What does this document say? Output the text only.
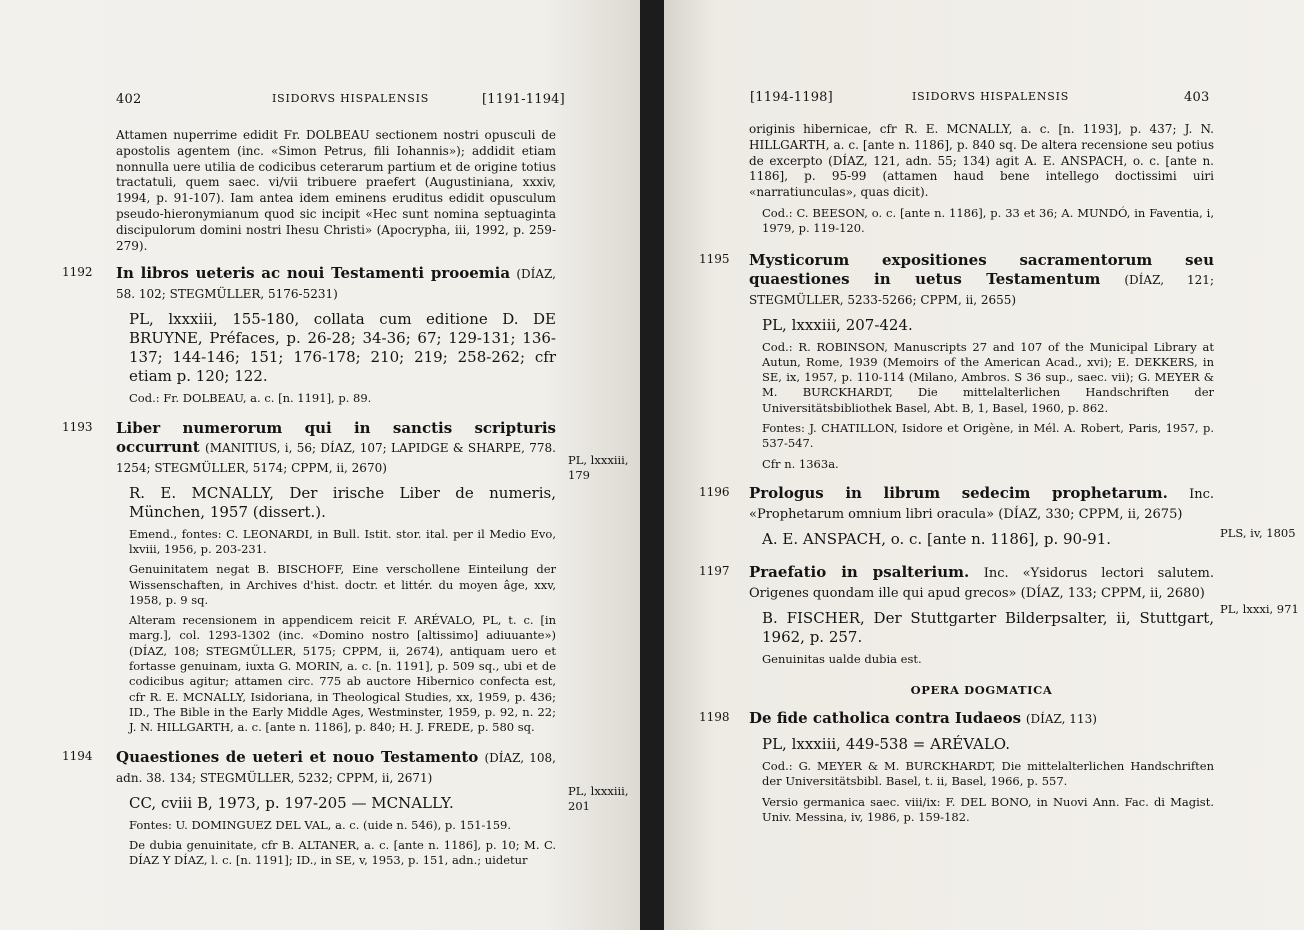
402	ISIDORVS HISPALENSIS	[1191-1194]
Attamen nuperrime edidit Fr. DOLBEAU sectionem nostri opusculi de apostolis agentem (inc. «Simon Petrus, fili Iohannis»); addidit etiam nonnulla uere utilia de codicibus ceterarum partium et de origine totius tractatuli, quem saec. vi/vii tribuere praefert (Augustiniana, xxxiv, 1994, p. 91-107). Iam antea idem eminens eruditus edidit opusculum pseudo-hieronymianum quod sic incipit «Hec sunt nomina septuaginta discipulorum domini nostri Ihesu Christi» (Apocrypha, iii, 1992, p. 259-279).
1192 In libros ueteris ac noui Testamenti prooemia (DÍAZ, 58. 102; STEGMÜLLER, 5176-5231)
PL, lxxxiii, 155-180, collata cum editione D. DE BRUYNE, Préfaces, p. 26-28; 34-36; 67; 129-131; 136-137; 144-146; 151; 176-178; 210; 219; 258-262; cfr etiam p. 120; 122.
Cod.: Fr. DOLBEAU, a. c. [n. 1191], p. 89.
1193 Liber numerorum qui in sanctis scripturis occurrunt (MANITIUS, i, 56; DÍAZ, 107; LAPIDGE & SHARPE, 778. 1254; STEGMÜLLER, 5174; CPPM, ii, 2670)
R. E. MCNALLY, Der irische Liber de numeris, München, 1957 (dissert.).
Emend., fontes: C. LEONARDI, in Bull. Istit. stor. ital. per il Medio Evo, lxviii, 1956, p. 203-231.
Genuinitatem negat B. BISCHOFF, Eine verschollene Einteilung der Wissenschaften, in Archives d'hist. doctr. et littér. du moyen âge, xxv, 1958, p. 9 sq.
Alteram recensionem in appendicem reicit F. ARÉVALO, PL, t. c. [in marg.], col. 1293-1302 (inc. «Domino nostro [altissimo] adiuuante») (DÍAZ, 108; STEGMÜLLER, 5175; CPPM, ii, 2674), antiquam uero et fortasse genuinam, iuxta G. MORIN, a. c. [n. 1191], p. 509 sq., ubi et de codicibus agitur; attamen circ. 775 ab auctore Hibernico confecta est, cfr R. E. MCNALLY, Isidoriana, in Theological Studies, xx, 1959, p. 436; ID., The Bible in the Early Middle Ages, Westminster, 1959, p. 92, n. 22; J. N. HILLGARTH, a. c. [ante n. 1186], p. 840; H. J. FREDE, p. 580 sq.
1194 Quaestiones de ueteri et nouo Testamento (DÍAZ, 108, adn. 38. 134; STEGMÜLLER, 5232; CPPM, ii, 2671)
CC, cviii B, 1973, p. 197-205 — MCNALLY.
Fontes: U. DOMINGUEZ DEL VAL, a. c. (uide n. 546), p. 151-159.
De dubia genuinitate, cfr B. ALTANER, a. c. [ante n. 1186], p. 10; M. C. DÍAZ Y DÍAZ, l. c. [n. 1191]; ID., in SE, v, 1953, p. 151, adn.; uidetur
PL, lxxxiii, 179
PL, lxxxiii, 201
[1194-1198]	ISIDORVS HISPALENSIS	403
originis hibernicae, cfr R. E. MCNALLY, a. c. [n. 1193], p. 437; J. N. HILLGARTH, a. c. [ante n. 1186], p. 840 sq. De altera recensione seu potius de excerpto (DÍAZ, 121, adn. 55; 134) agit A. E. ANSPACH, o. c. [ante n. 1186], p. 95-99 (attamen haud bene intellego doctissimi uiri «narratiunculas», quas dicit).
Cod.: C. BEESON, o. c. [ante n. 1186], p. 33 et 36; A. MUNDÓ, in Faventia, i, 1979, p. 119-120.
1195 Mysticorum expositiones sacramentorum seu quaestiones in uetus Testamentum (DÍAZ, 121; STEGMÜLLER, 5233-5266; CPPM, ii, 2655)
PL, lxxxiii, 207-424.
Cod.: R. ROBINSON, Manuscripts 27 and 107 of the Municipal Library at Autun, Rome, 1939 (Memoirs of the American Acad., xvi); E. DEKKERS, in SE, ix, 1957, p. 110-114 (Milano, Ambros. S 36 sup., saec. vii); G. MEYER & M. BURCKHARDT, Die mittelalterlichen Handschriften der Universitätsbibliothek Basel, Abt. B, 1, Basel, 1960, p. 862.
Fontes: J. CHATILLON, Isidore et Origène, in Mél. A. Robert, Paris, 1957, p. 537-547.
Cfr n. 1363a.
1196 Prologus in librum sedecim prophetarum. Inc. «Prophetarum omnium libri oracula» (DÍAZ, 330; CPPM, ii, 2675)
A. E. ANSPACH, o. c. [ante n. 1186], p. 90-91.
1197 Praefatio in psalterium. Inc. «Ysidorus lectori salutem. Origenes quondam ille qui apud grecos» (DÍAZ, 133; CPPM, ii, 2680)
B. FISCHER, Der Stuttgarter Bilderpsalter, ii, Stuttgart, 1962, p. 257.
Genuinitas ualde dubia est.
OPERA DOGMATICA
1198 De fide catholica contra Iudaeos (DÍAZ, 113)
PL, lxxxiii, 449-538 = ARÉVALO.
Cod.: G. MEYER & M. BURCKHARDT, Die mittelalterlichen Handschriften der Universitätsbibl. Basel, t. ii, Basel, 1966, p. 557.
Versio germanica saec. viii/ix: F. DEL BONO, in Nuovi Ann. Fac. di Magist. Univ. Messina, iv, 1986, p. 159-182.
PLS, iv, 1805
PL, lxxxi, 971
